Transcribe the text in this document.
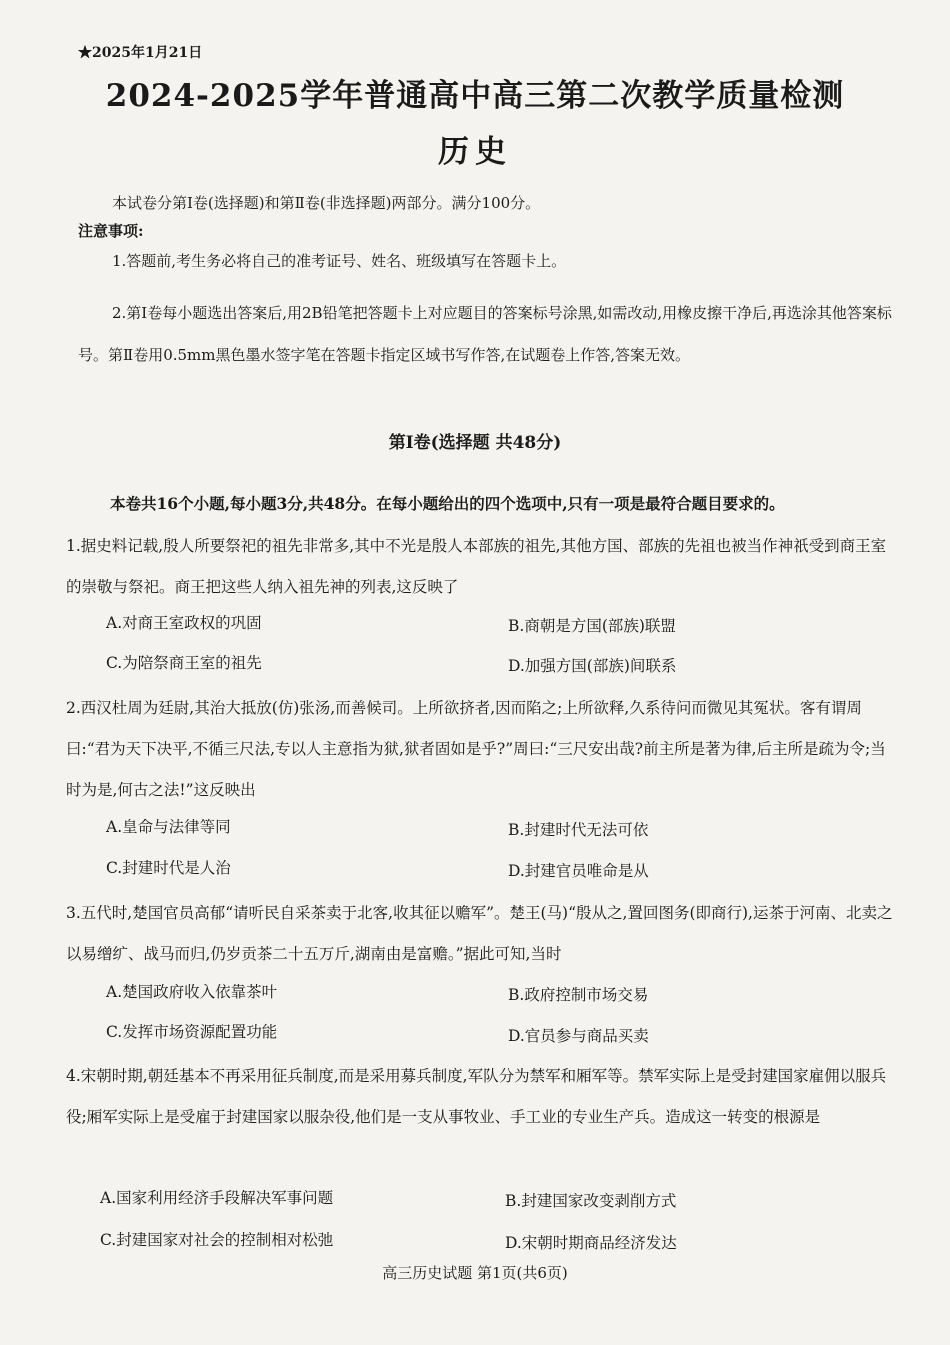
★2025年1月21日
2024-2025学年普通高中高三第二次教学质量检测
历史
本试卷分第Ⅰ卷(选择题)和第Ⅱ卷(非选择题)两部分。满分100分。
注意事项:
1.答题前,考生务必将自己的准考证号、姓名、班级填写在答题卡上。
2.第Ⅰ卷每小题选出答案后,用2B铅笔把答题卡上对应题目的答案标号涂黑,如需改动,用橡皮擦干净后,再选涂其他答案标号。第Ⅱ卷用0.5mm黑色墨水签字笔在答题卡指定区域书写作答,在试题卷上作答,答案无效。
第Ⅰ卷(选择题 共48分)
本卷共16个小题,每小题3分,共48分。在每小题给出的四个选项中,只有一项是最符合题目要求的。
1.据史料记载,殷人所要祭祀的祖先非常多,其中不光是殷人本部族的祖先,其他方国、部族的先祖也被当作神祇受到商王室的崇敬与祭祀。商王把这些人纳入祖先神的列表,这反映了
A.对商王室政权的巩固	B.商朝是方国(部族)联盟
C.为陪祭商王室的祖先	D.加强方国(部族)间联系
2.西汉杜周为廷尉,其治大抵放(仿)张汤,而善候司。上所欲挤者,因而陷之;上所欲释,久系待问而微见其冤状。客有谓周曰:“君为天下决平,不循三尺法,专以人主意指为狱,狱者固如是乎?”周曰:“三尺安出哉?前主所是著为律,后主所是疏为令;当时为是,何古之法!”这反映出
A.皇命与法律等同	B.封建时代无法可依
C.封建时代是人治	D.封建官员唯命是从
3.五代时,楚国官员高郁“请听民自采茶卖于北客,收其征以赡军”。楚王(马)“殷从之,置回图务(即商行),运茶于河南、北卖之以易缯纩、战马而归,仍岁贡茶二十五万斤,湖南由是富赡。”据此可知,当时
A.楚国政府收入依靠茶叶	B.政府控制市场交易
C.发挥市场资源配置功能	D.官员参与商品买卖
4.宋朝时期,朝廷基本不再采用征兵制度,而是采用募兵制度,军队分为禁军和厢军等。禁军实际上是受封建国家雇佣以服兵役;厢军实际上是受雇于封建国家以服杂役,他们是一支从事牧业、手工业的专业生产兵。造成这一转变的根源是
A.国家利用经济手段解决军事问题	B.封建国家改变剥削方式
C.封建国家对社会的控制相对松弛	D.宋朝时期商品经济发达
高三历史试题 第1页(共6页)
